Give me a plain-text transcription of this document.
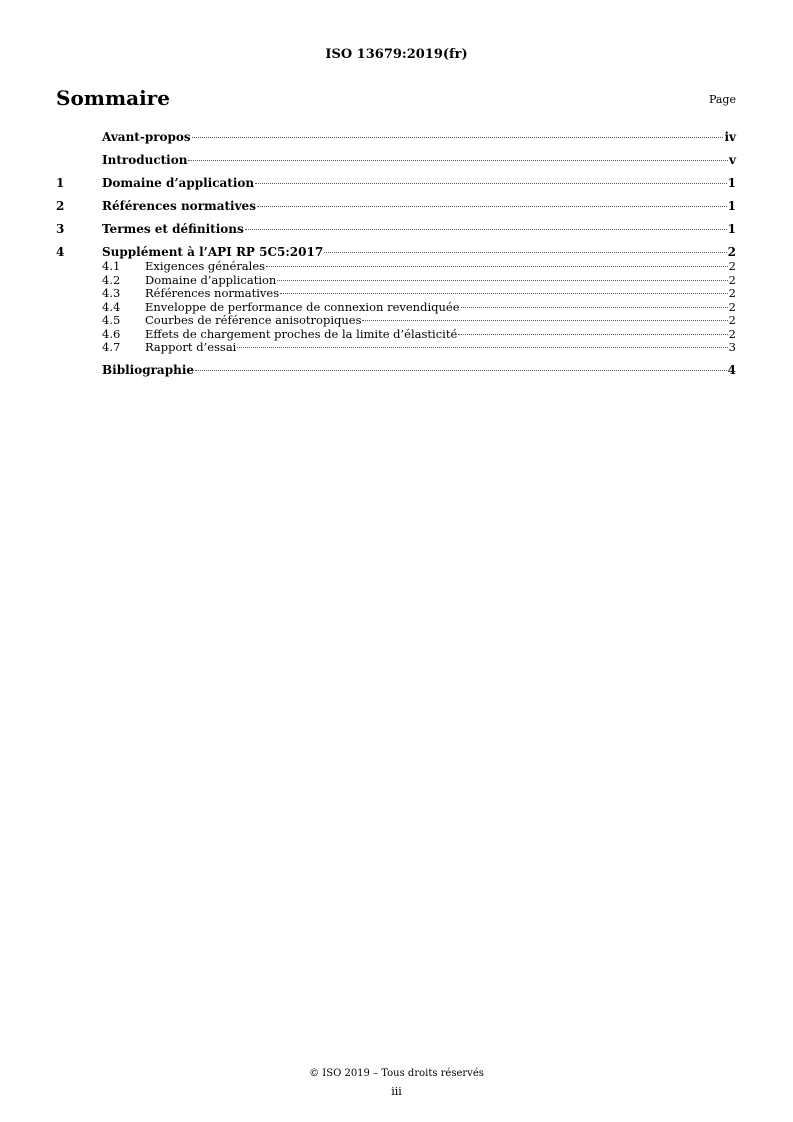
ISO 13679:2019(fr)
Sommaire	Page
Avant-propos	iv
Introduction	v
1	Domaine d’application	1
2	Références normatives	1
3	Termes et définitions	1
4	Supplément à l’API RP 5C5:2017	2
4.1	Exigences générales	2
4.2	Domaine d’application	2
4.3	Références normatives	2
4.4	Enveloppe de performance de connexion revendiquée	2
4.5	Courbes de référence anisotropiques	2
4.6	Effets de chargement proches de la limite d’élasticité	2
4.7	Rapport d’essai	3
Bibliographie	4
© ISO 2019 – Tous droits réservés
iii
